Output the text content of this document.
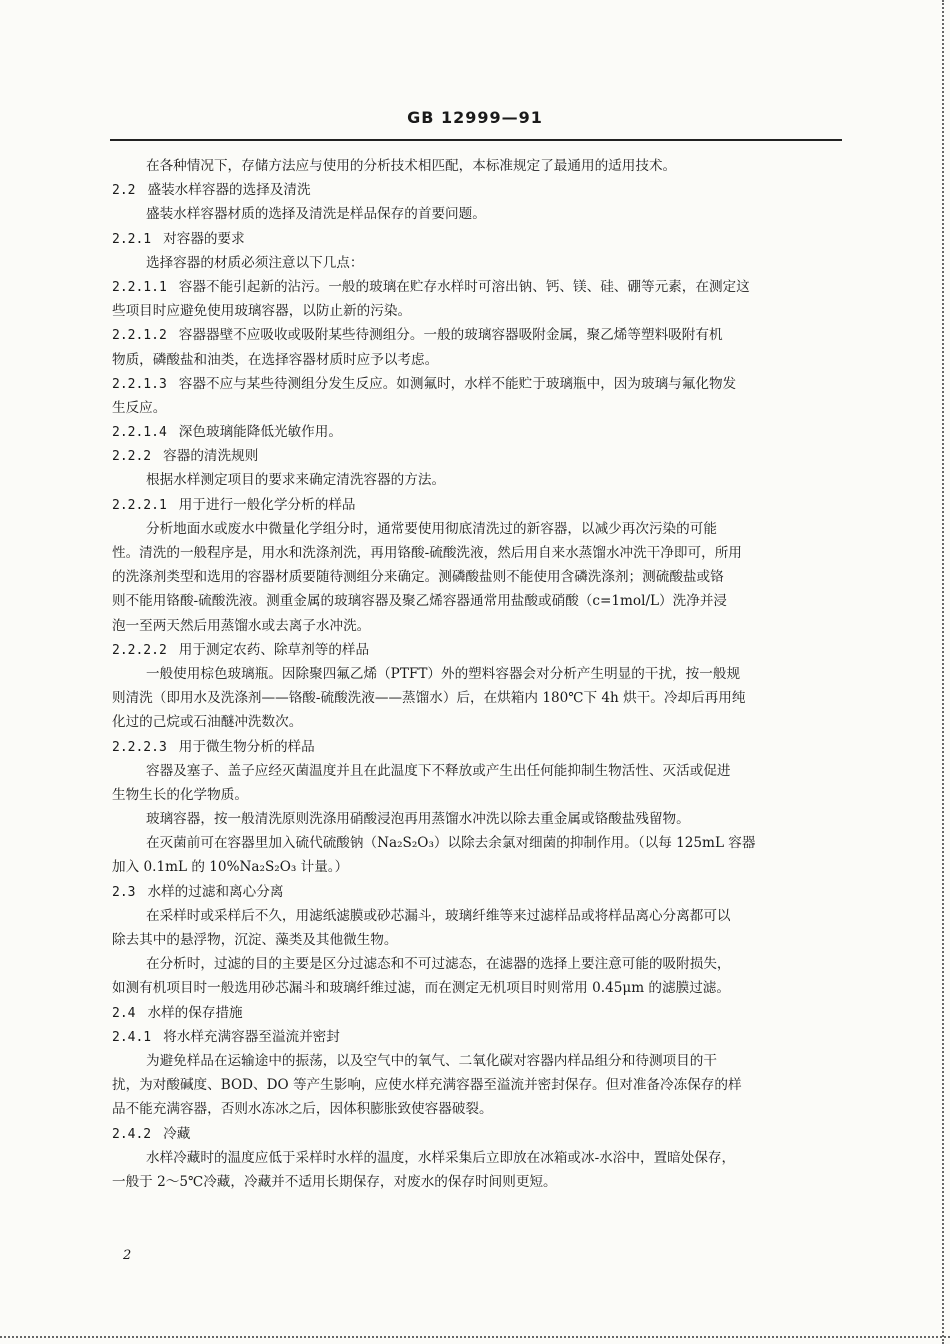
GB 12999—91
在各种情况下，存储方法应与使用的分析技术相匹配，本标准规定了最通用的适用技术。
2.2 盛装水样容器的选择及清洗
盛装水样容器材质的选择及清洗是样品保存的首要问题。
2.2.1 对容器的要求
选择容器的材质必须注意以下几点：
2.2.1.1 容器不能引起新的沾污。一般的玻璃在贮存水样时可溶出钠、钙、镁、硅、硼等元素，在测定这
些项目时应避免使用玻璃容器，以防止新的污染。
2.2.1.2 容器器壁不应吸收或吸附某些待测组分。一般的玻璃容器吸附金属，聚乙烯等塑料吸附有机
物质，磷酸盐和油类，在选择容器材质时应予以考虑。
2.2.1.3 容器不应与某些待测组分发生反应。如测氟时，水样不能贮于玻璃瓶中，因为玻璃与氟化物发
生反应。
2.2.1.4 深色玻璃能降低光敏作用。
2.2.2 容器的清洗规则
根据水样测定项目的要求来确定清洗容器的方法。
2.2.2.1 用于进行一般化学分析的样品
分析地面水或废水中微量化学组分时，通常要使用彻底清洗过的新容器，以减少再次污染的可能
性。清洗的一般程序是，用水和洗涤剂洗，再用铬酸-硫酸洗液，然后用自来水蒸馏水冲洗干净即可，所用
的洗涤剂类型和选用的容器材质要随待测组分来确定。测磷酸盐则不能使用含磷洗涤剂；测硫酸盐或铬
则不能用铬酸-硫酸洗液。测重金属的玻璃容器及聚乙烯容器通常用盐酸或硝酸（c=1mol/L）洗净并浸
泡一至两天然后用蒸馏水或去离子水冲洗。
2.2.2.2 用于测定农药、除草剂等的样品
一般使用棕色玻璃瓶。因除聚四氟乙烯（PTFT）外的塑料容器会对分析产生明显的干扰，按一般规
则清洗（即用水及洗涤剂——铬酸-硫酸洗液——蒸馏水）后，在烘箱内 180℃下 4h 烘干。冷却后再用纯
化过的己烷或石油醚冲洗数次。
2.2.2.3 用于微生物分析的样品
容器及塞子、盖子应经灭菌温度并且在此温度下不释放或产生出任何能抑制生物活性、灭活或促进
生物生长的化学物质。
玻璃容器，按一般清洗原则洗涤用硝酸浸泡再用蒸馏水冲洗以除去重金属或铬酸盐残留物。
在灭菌前可在容器里加入硫代硫酸钠（Na₂S₂O₃）以除去余氯对细菌的抑制作用。（以每 125mL 容器
加入 0.1mL 的 10%Na₂S₂O₃ 计量。）
2.3 水样的过滤和离心分离
在采样时或采样后不久，用滤纸滤膜或砂芯漏斗，玻璃纤维等来过滤样品或将样品离心分离都可以
除去其中的悬浮物，沉淀、藻类及其他微生物。
在分析时，过滤的目的主要是区分过滤态和不可过滤态，在滤器的选择上要注意可能的吸附损失，
如测有机项目时一般选用砂芯漏斗和玻璃纤维过滤，而在测定无机项目时则常用 0.45μm 的滤膜过滤。
2.4 水样的保存措施
2.4.1 将水样充满容器至溢流并密封
为避免样品在运输途中的振荡，以及空气中的氧气、二氧化碳对容器内样品组分和待测项目的干
扰，为对酸碱度、BOD、DO 等产生影响，应使水样充满容器至溢流并密封保存。但对准备冷冻保存的样
品不能充满容器，否则水冻冰之后，因体积膨胀致使容器破裂。
2.4.2 冷藏
水样冷藏时的温度应低于采样时水样的温度，水样采集后立即放在冰箱或冰-水浴中，置暗处保存，
一般于 2～5℃冷藏，冷藏并不适用长期保存，对废水的保存时间则更短。
2
